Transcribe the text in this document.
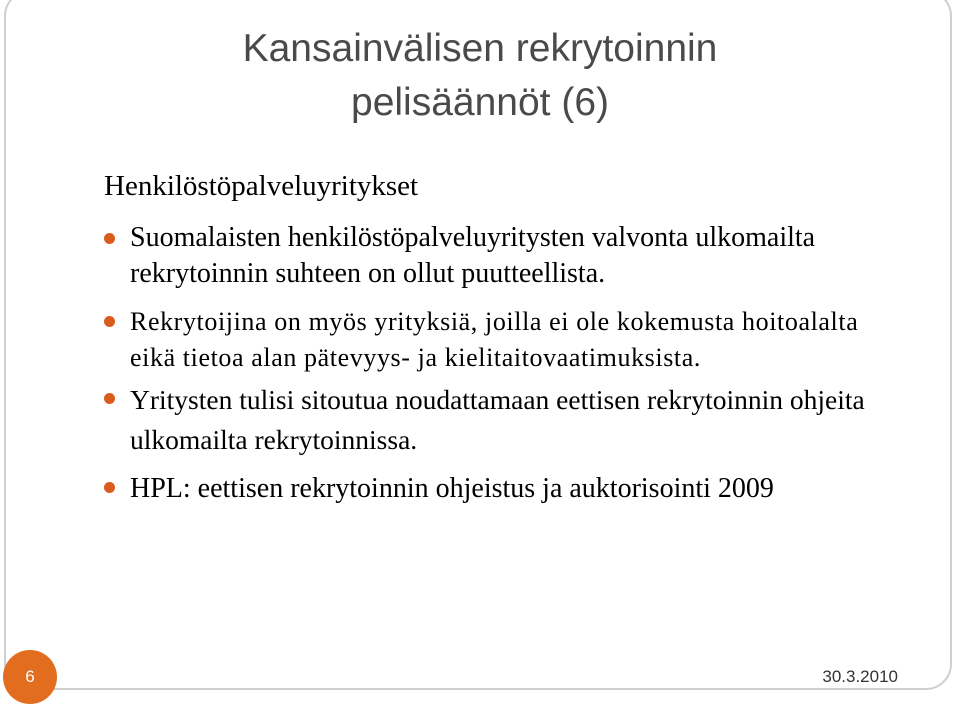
Kansainvälisen rekrytoinnin
pelisäännöt (6)

Henkilöstöpalveluyritykset

Suomalaisten henkilöstöpalveluyritysten valvonta ulkomailta rekrytoinnin suhteen on ollut puutteellista.
Rekrytoijina on myös yrityksiä, joilla ei ole kokemusta hoitoalalta eikä tietoa alan pätevyys- ja kielitaitovaatimuksista.
Yritysten tulisi sitoutua noudattamaan eettisen rekrytoinnin ohjeita ulkomailta rekrytoinnissa.
HPL: eettisen rekrytoinnin ohjeistus ja auktorisointi 2009
6	30.3.2010
